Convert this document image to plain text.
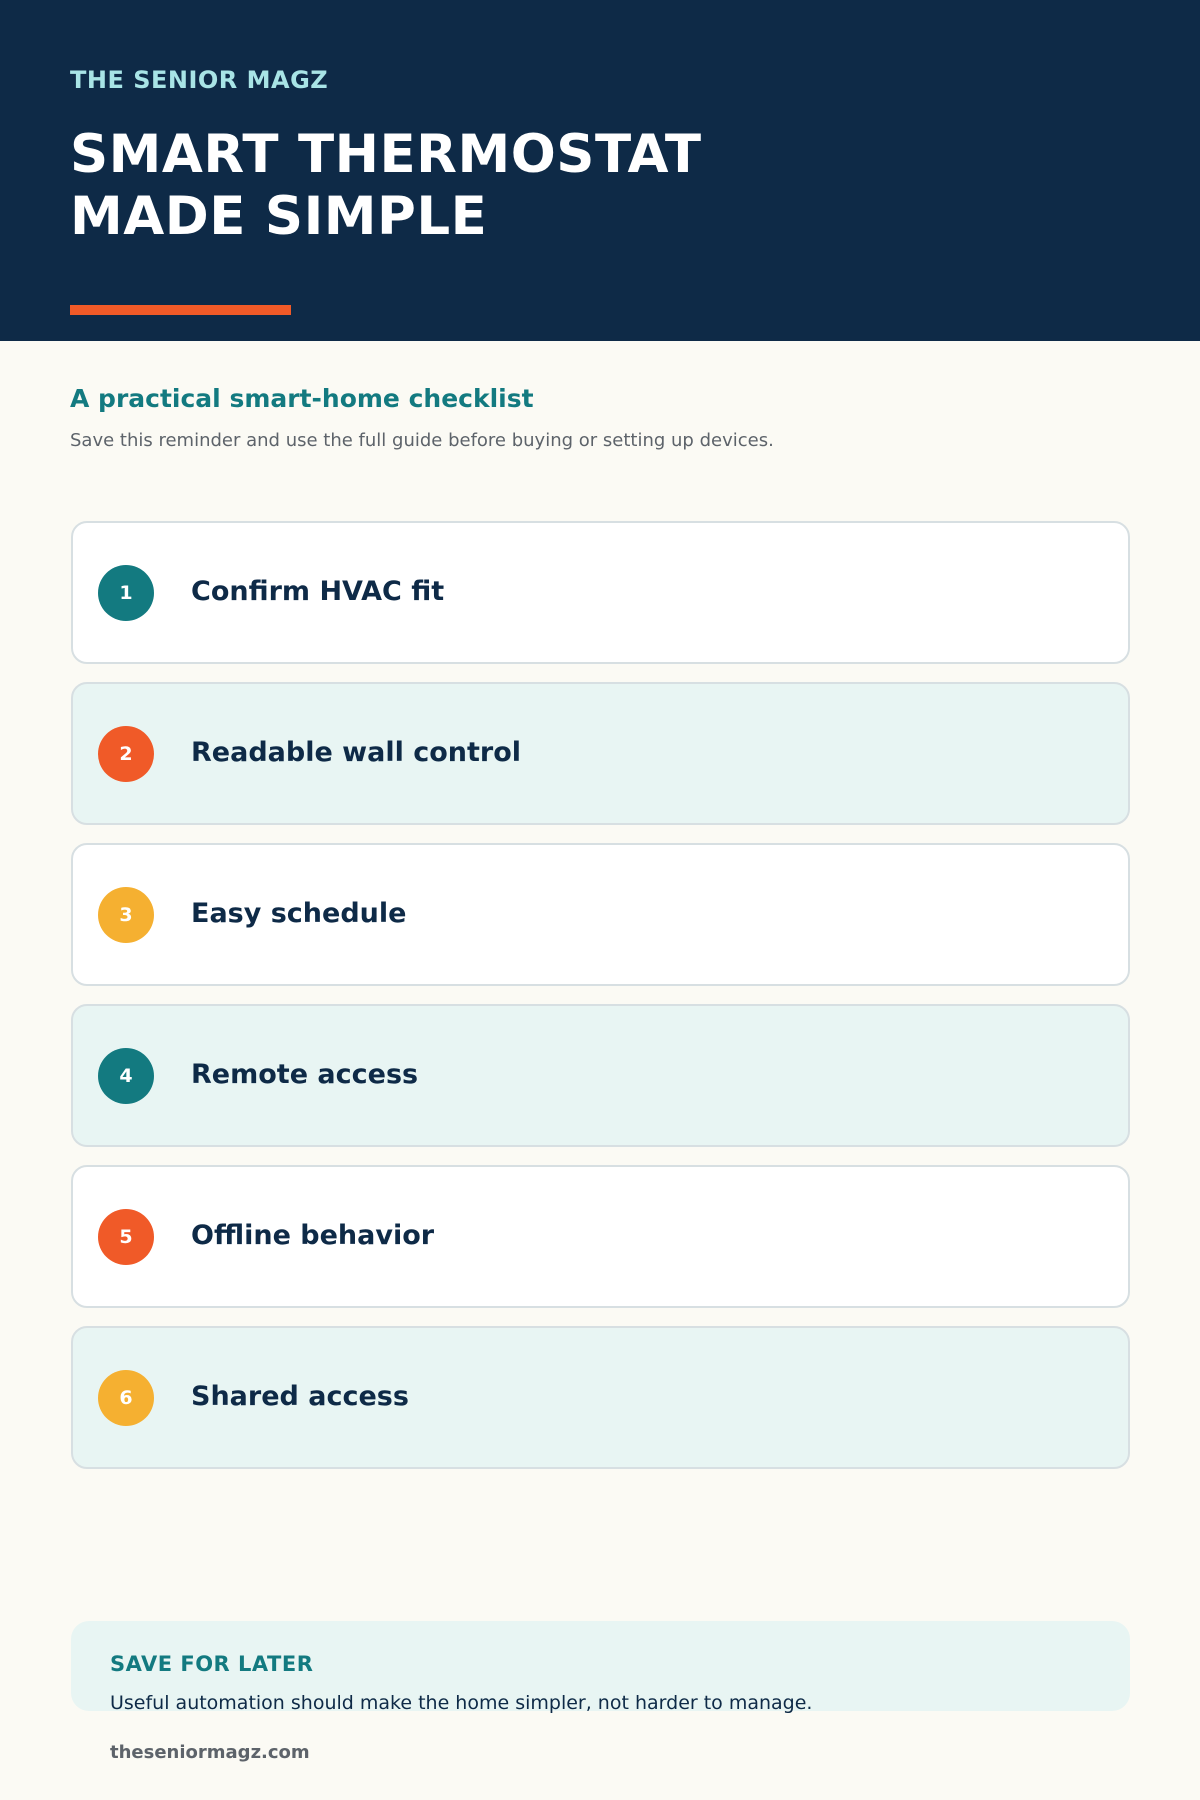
THE SENIOR MAGZ
SMART THERMOSTAT
MADE SIMPLE
A practical smart-home checklist

Save this reminder and use the full guide before buying or setting up devices.

1	Confirm HVAC fit
2	Readable wall control
3	Easy schedule
4	Remote access
5	Offline behavior
6	Shared access
SAVE FOR LATER
Useful automation should make the home simpler, not harder to manage.
theseniormagz.com
